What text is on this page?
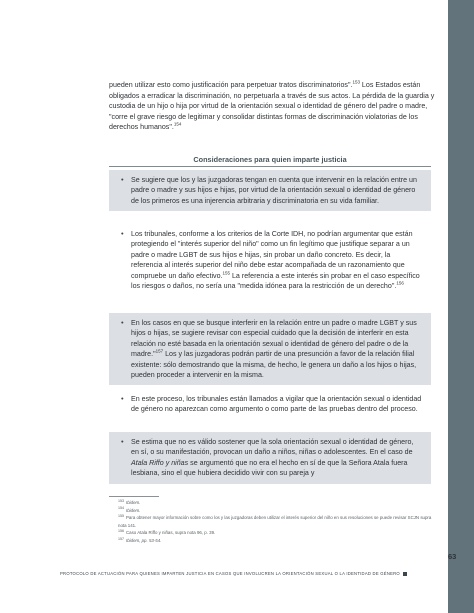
pueden utilizar esto como justificación para perpetuar tratos discriminatorios".$^{153}$ Los Estados están obligados a erradicar la discriminación, no perpetuarla a través de sus actos. La pérdida de la guardia y custodia de un hijo o hija por virtud de la orientación sexual o identidad de género del padre o madre, "corre el grave riesgo de legitimar y consolidar distintas formas de discriminación violatorias de los derechos humanos".$^{154}$

Consideraciones para quien imparte justicia
• Se sugiere que los y las juzgadoras tengan en cuenta que intervenir en la relación entre un padre o madre y sus hijos e hijas, por virtud de la orientación sexual o identidad de género de los primeros es una injerencia arbitraria y discriminatoria en su vida familiar.
• Los tribunales, conforme a los criterios de la Corte IDH, no podrían argumentar que están protegiendo el "interés superior del niño" como un fin legítimo que justifique separar a un padre o madre LGBT de sus hijos e hijas, sin probar un daño concreto. Es decir, la referencia al interés superior del niño debe estar acompañada de un razonamiento que compruebe un daño efectivo.$^{155}$ La referencia a este interés sin probar en el caso específico los riesgos o daños, no sería una "medida idónea para la restricción de un derecho".$^{156}$
• En los casos en que se busque interferir en la relación entre un padre o madre LGBT y sus hijos o hijas, se sugiere revisar con especial cuidado que la decisión de interferir en esta relación no esté basada en la orientación sexual o identidad de género del padre o de la madre."$^{157}$ Los y las juzgadoras podrán partir de una presunción a favor de la relación filial existente: sólo demostrando que la misma, de hecho, le genera un daño a los hijos o hijas, pueden proceder a intervenir en la misma.
• En este proceso, los tribunales están llamados a vigilar que la orientación sexual o identidad de género no aparezcan como argumento o como parte de las pruebas dentro del proceso.
• Se estima que no es válido sostener que la sola orientación sexual o identidad de género, en sí, o su manifestación, provocan un daño a niños, niñas o adolescentes. En el caso de Atala Riffo y niñas se argumentó que no era el hecho en sí de que la Señora Atala fuera lesbiana, sino el que hubiera decidido vivir con su pareja y
$^{153}$ Ibidem.
$^{154}$ Ibidem.
$^{155}$ Para obtener mayor información sobre como los y las juzgadoras deben utilizar el interés superior del niño en sus resoluciones se puede revisar SCJN supra nota 141.
$^{156}$ Caso Atala Riffo y niñas, supra nota 96, p. 39.
$^{157}$ Ibidem, pp. 53-54.
63
PROTOCOLO DE ACTUACIÓN PARA QUIENES IMPARTEN JUSTICIA EN CASOS QUE INVOLUCREN LA ORIENTACIÓN SEXUAL O LA IDENTIDAD DE GÉNERO
